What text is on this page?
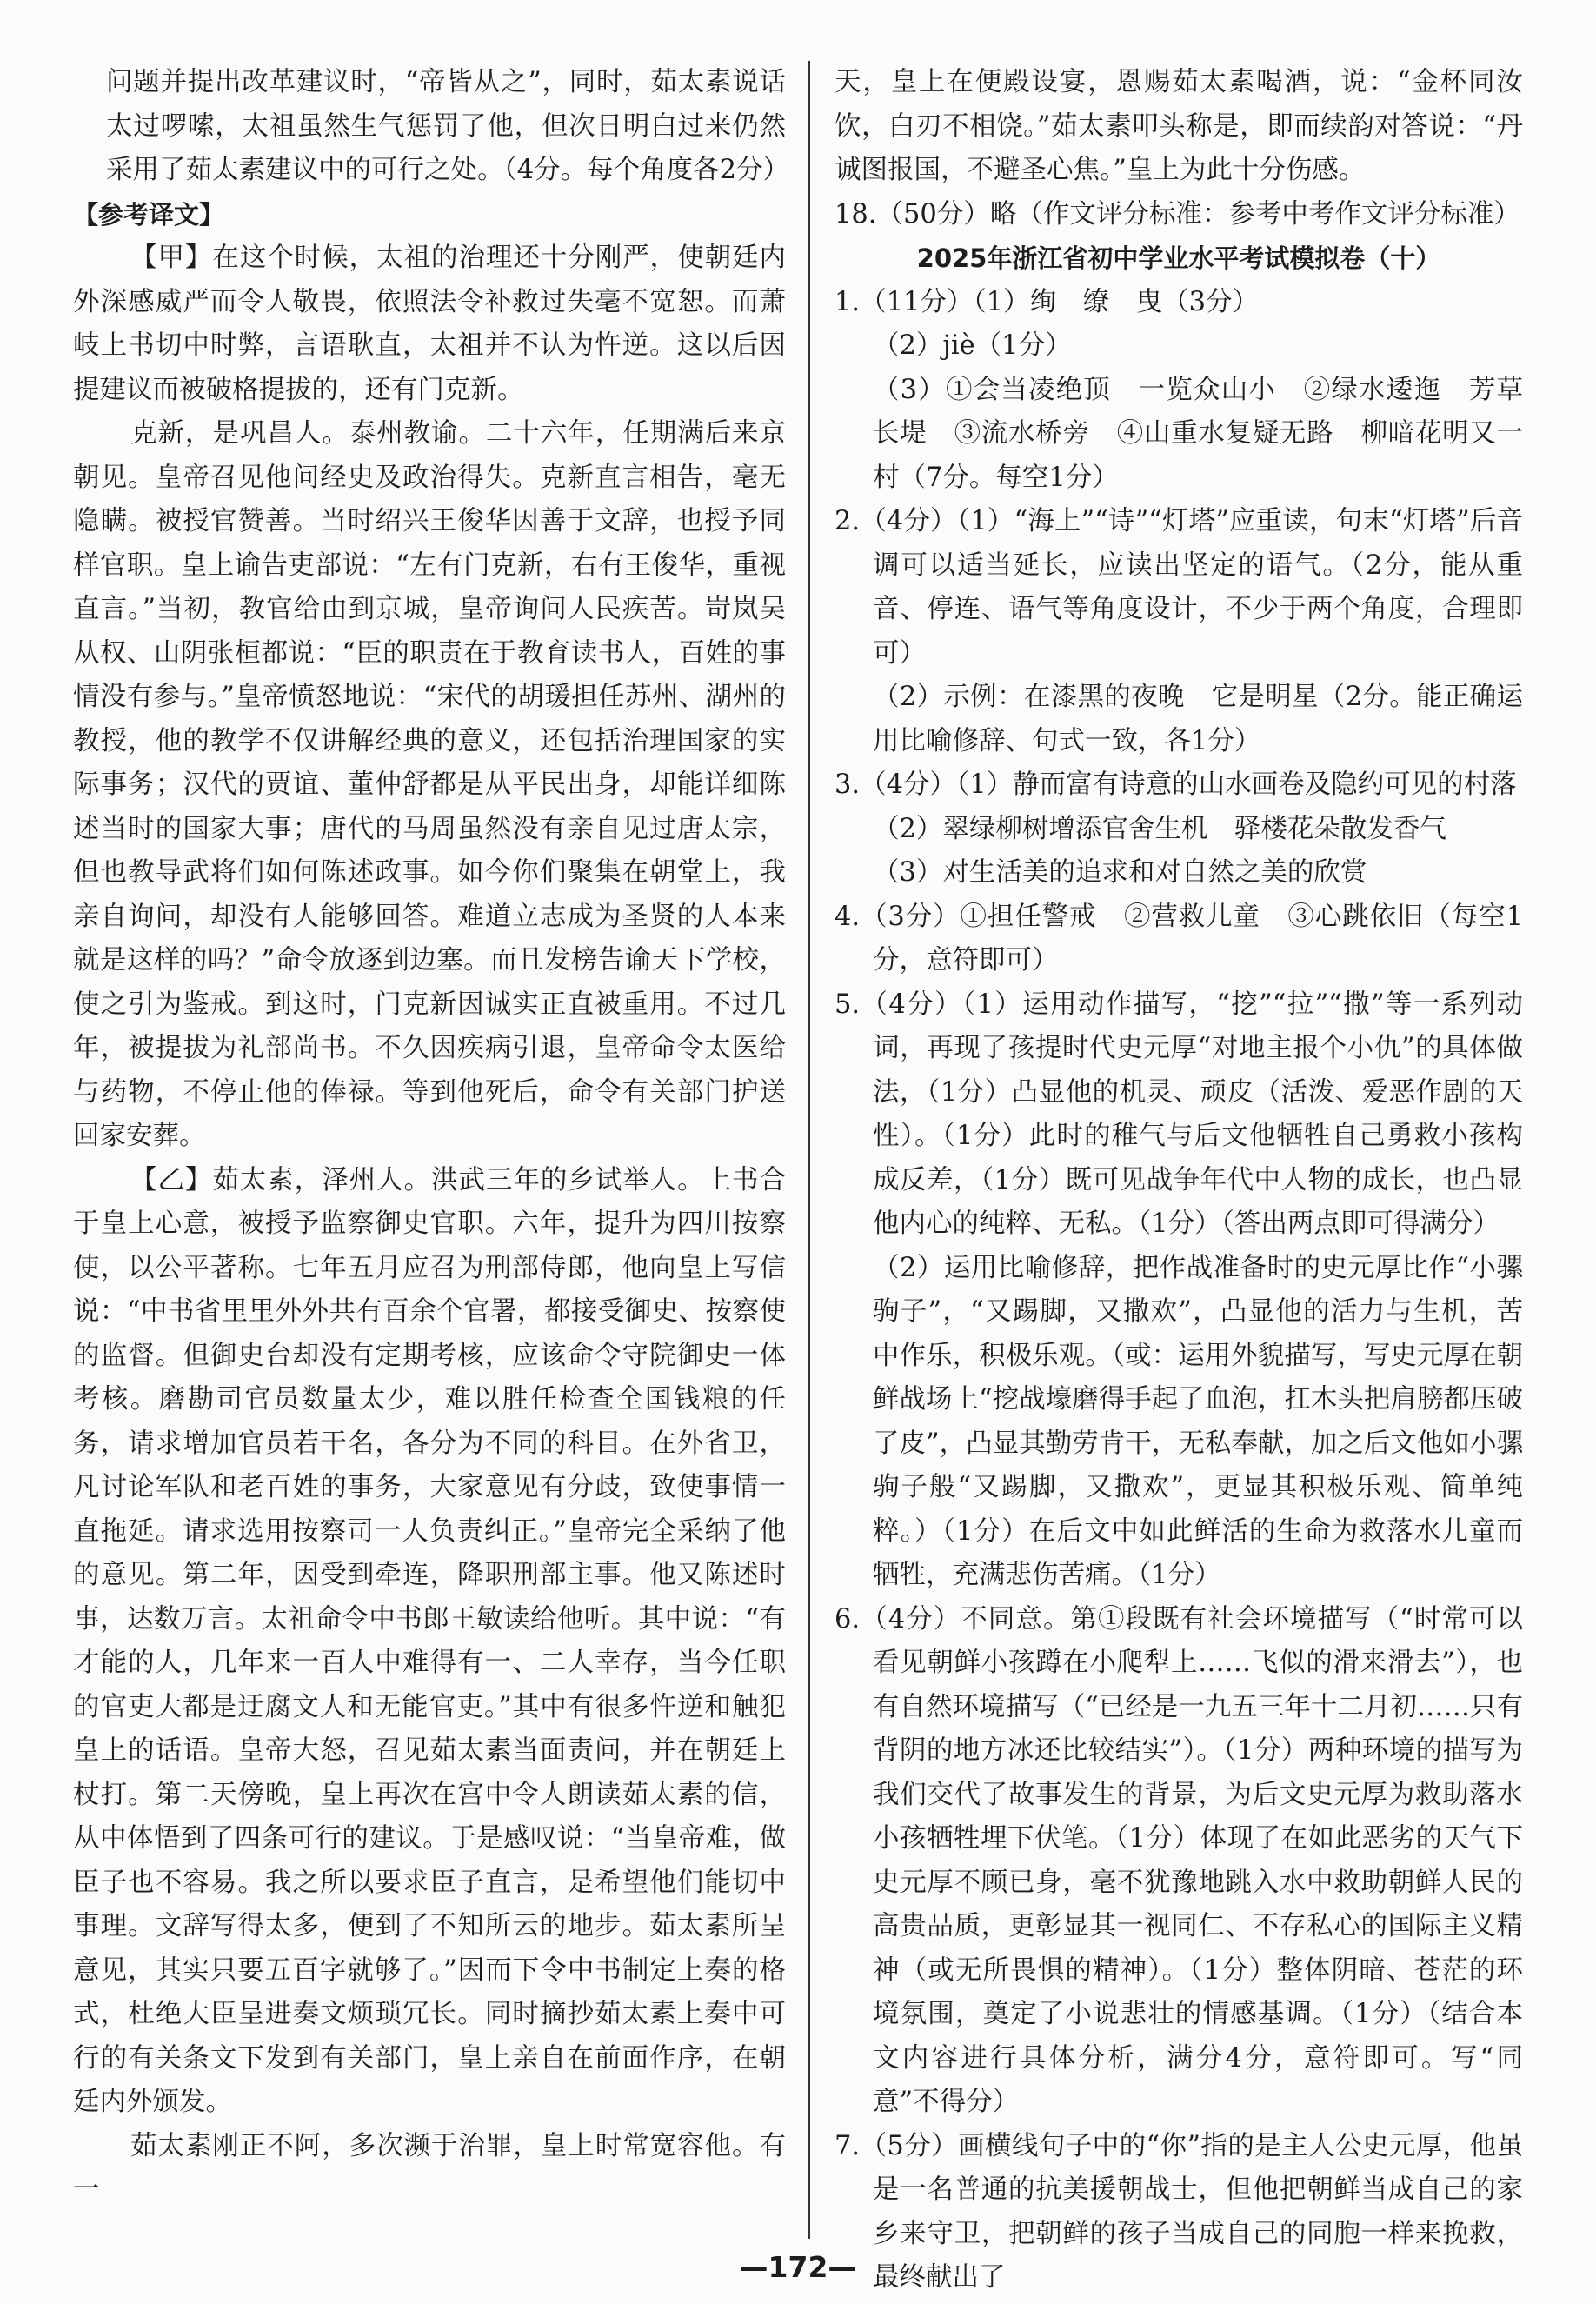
问题并提出改革建议时，“帝皆从之”，同时，茹太素说话太过啰嗦，太祖虽然生气惩罚了他，但次日明白过来仍然采用了茹太素建议中的可行之处。（4分。每个角度各2分）

【参考译文】

【甲】在这个时候，太祖的治理还十分刚严，使朝廷内外深感威严而令人敬畏，依照法令补救过失毫不宽恕。而萧岐上书切中时弊，言语耿直，太祖并不认为忤逆。这以后因提建议而被破格提拔的，还有门克新。

克新，是巩昌人。泰州教谕。二十六年，任期满后来京朝见。皇帝召见他问经史及政治得失。克新直言相告，毫无隐瞒。被授官赞善。当时绍兴王俊华因善于文辞，也授予同样官职。皇上谕告吏部说：“左有门克新，右有王俊华，重视直言。”当初，教官给由到京城，皇帝询问人民疾苦。岢岚吴从权、山阴张桓都说：“臣的职责在于教育读书人，百姓的事情没有参与。”皇帝愤怒地说：“宋代的胡瑗担任苏州、湖州的教授，他的教学不仅讲解经典的意义，还包括治理国家的实际事务；汉代的贾谊、董仲舒都是从平民出身，却能详细陈述当时的国家大事；唐代的马周虽然没有亲自见过唐太宗，但也教导武将们如何陈述政事。如今你们聚集在朝堂上，我亲自询问，却没有人能够回答。难道立志成为圣贤的人本来就是这样的吗？”命令放逐到边塞。而且发榜告谕天下学校，使之引为鉴戒。到这时，门克新因诚实正直被重用。不过几年，被提拔为礼部尚书。不久因疾病引退，皇帝命令太医给与药物，不停止他的俸禄。等到他死后，命令有关部门护送回家安葬。

【乙】茹太素，泽州人。洪武三年的乡试举人。上书合于皇上心意，被授予监察御史官职。六年，提升为四川按察使，以公平著称。七年五月应召为刑部侍郎，他向皇上写信说：“中书省里里外外共有百余个官署，都接受御史、按察使的监督。但御史台却没有定期考核，应该命令守院御史一体考核。磨勘司官员数量太少，难以胜任检查全国钱粮的任务，请求增加官员若干名，各分为不同的科目。在外省卫，凡讨论军队和老百姓的事务，大家意见有分歧，致使事情一直拖延。请求选用按察司一人负责纠正。”皇帝完全采纳了他的意见。第二年，因受到牵连，降职刑部主事。他又陈述时事，达数万言。太祖命令中书郎王敏读给他听。其中说：“有才能的人，几年来一百人中难得有一、二人幸存，当今任职的官吏大都是迂腐文人和无能官吏。”其中有很多忤逆和触犯皇上的话语。皇帝大怒，召见茹太素当面责问，并在朝廷上杖打。第二天傍晚，皇上再次在宫中令人朗读茹太素的信，从中体悟到了四条可行的建议。于是感叹说：“当皇帝难，做臣子也不容易。我之所以要求臣子直言，是希望他们能切中事理。文辞写得太多，便到了不知所云的地步。茹太素所呈意见，其实只要五百字就够了。”因而下令中书制定上奏的格式，杜绝大臣呈进奏文烦琐冗长。同时摘抄茹太素上奏中可行的有关条文下发到有关部门，皇上亲自在前面作序，在朝廷内外颁发。

茹太素刚正不阿，多次濒于治罪，皇上时常宽容他。有一

天，皇上在便殿设宴，恩赐茹太素喝酒，说：“金杯同汝饮，白刃不相饶。”茹太素叩头称是，即而续韵对答说：“丹诚图报国，不避圣心焦。”皇上为此十分伤感。

18.（50分）略（作文评分标准：参考中考作文评分标准）

2025年浙江省初中学业水平考试模拟卷（十）

1.（11分）（1）绚　缭　曳（3分）

（2）jiè（1分）

（3）①会当凌绝顶　一览众山小　②绿水逶迤　芳草长堤　③流水桥旁　④山重水复疑无路　柳暗花明又一村（7分。每空1分）

2.（4分）（1）“海上”“诗”“灯塔”应重读，句末“灯塔”后音调可以适当延长，应读出坚定的语气。（2分，能从重音、停连、语气等角度设计，不少于两个角度，合理即可）

（2）示例：在漆黑的夜晚　它是明星（2分。能正确运用比喻修辞、句式一致，各1分）

3.（4分）（1）静而富有诗意的山水画卷及隐约可见的村落

（2）翠绿柳树增添官舍生机　驿楼花朵散发香气

（3）对生活美的追求和对自然之美的欣赏

4.（3分）①担任警戒　②营救儿童　③心跳依旧（每空1分，意符即可）

5.（4分）（1）运用动作描写，“挖”“拉”“撒”等一系列动词，再现了孩提时代史元厚“对地主报个小仇”的具体做法，（1分）凸显他的机灵、顽皮（活泼、爱恶作剧的天性）。（1分）此时的稚气与后文他牺牲自己勇救小孩构成反差，（1分）既可见战争年代中人物的成长，也凸显他内心的纯粹、无私。（1分）（答出两点即可得满分）

（2）运用比喻修辞，把作战准备时的史元厚比作“小骡驹子”，“又踢脚，又撒欢”，凸显他的活力与生机，苦中作乐，积极乐观。（或：运用外貌描写，写史元厚在朝鲜战场上“挖战壕磨得手起了血泡，扛木头把肩膀都压破了皮”，凸显其勤劳肯干，无私奉献，加之后文他如小骡驹子般“又踢脚，又撒欢”，更显其积极乐观、简单纯粹。）（1分）在后文中如此鲜活的生命为救落水儿童而牺牲，充满悲伤苦痛。（1分）

6.（4分）不同意。第①段既有社会环境描写（“时常可以看见朝鲜小孩蹲在小爬犁上……飞似的滑来滑去”），也有自然环境描写（“已经是一九五三年十二月初……只有背阴的地方冰还比较结实”）。（1分）两种环境的描写为我们交代了故事发生的背景，为后文史元厚为救助落水小孩牺牲埋下伏笔。（1分）体现了在如此恶劣的天气下史元厚不顾已身，毫不犹豫地跳入水中救助朝鲜人民的高贵品质，更彰显其一视同仁、不存私心的国际主义精神（或无所畏惧的精神）。（1分）整体阴暗、苍茫的环境氛围，奠定了小说悲壮的情感基调。（1分）（结合本文内容进行具体分析，满分4分，意符即可。写“同意”不得分）

7.（5分）画横线句子中的“你”指的是主人公史元厚，他虽是一名普通的抗美援朝战士，但他把朝鲜当成自己的家乡来守卫，把朝鲜的孩子当成自己的同胞一样来挽救，最终献出了

—172—
